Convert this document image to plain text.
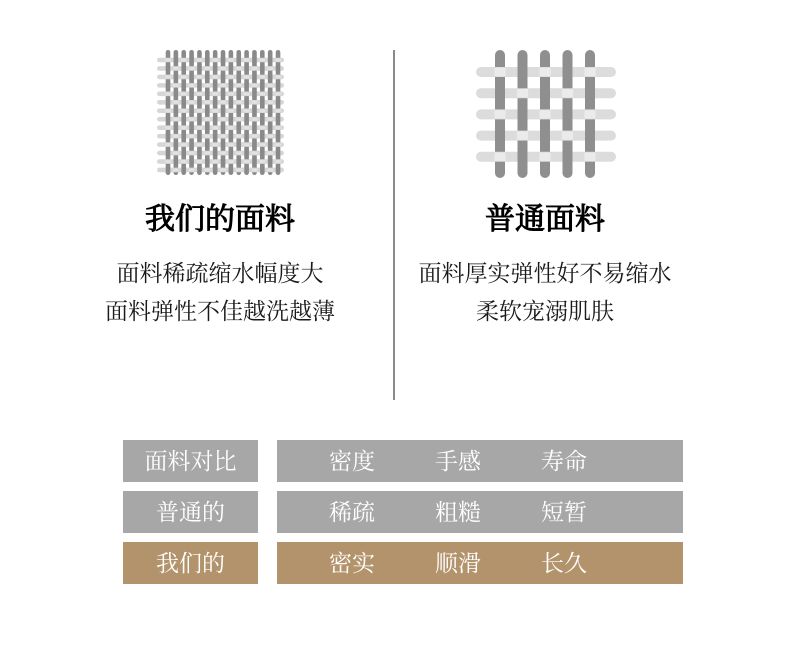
我们的面料
面料稀疏缩水幅度大
面料弹性不佳越洗越薄
普通面料
面料厚实弹性好不易缩水
柔软宠溺肌肤
面料对比	密度	手感	寿命
普通的	稀疏	粗糙	短暂
我们的	密实	顺滑	长久
